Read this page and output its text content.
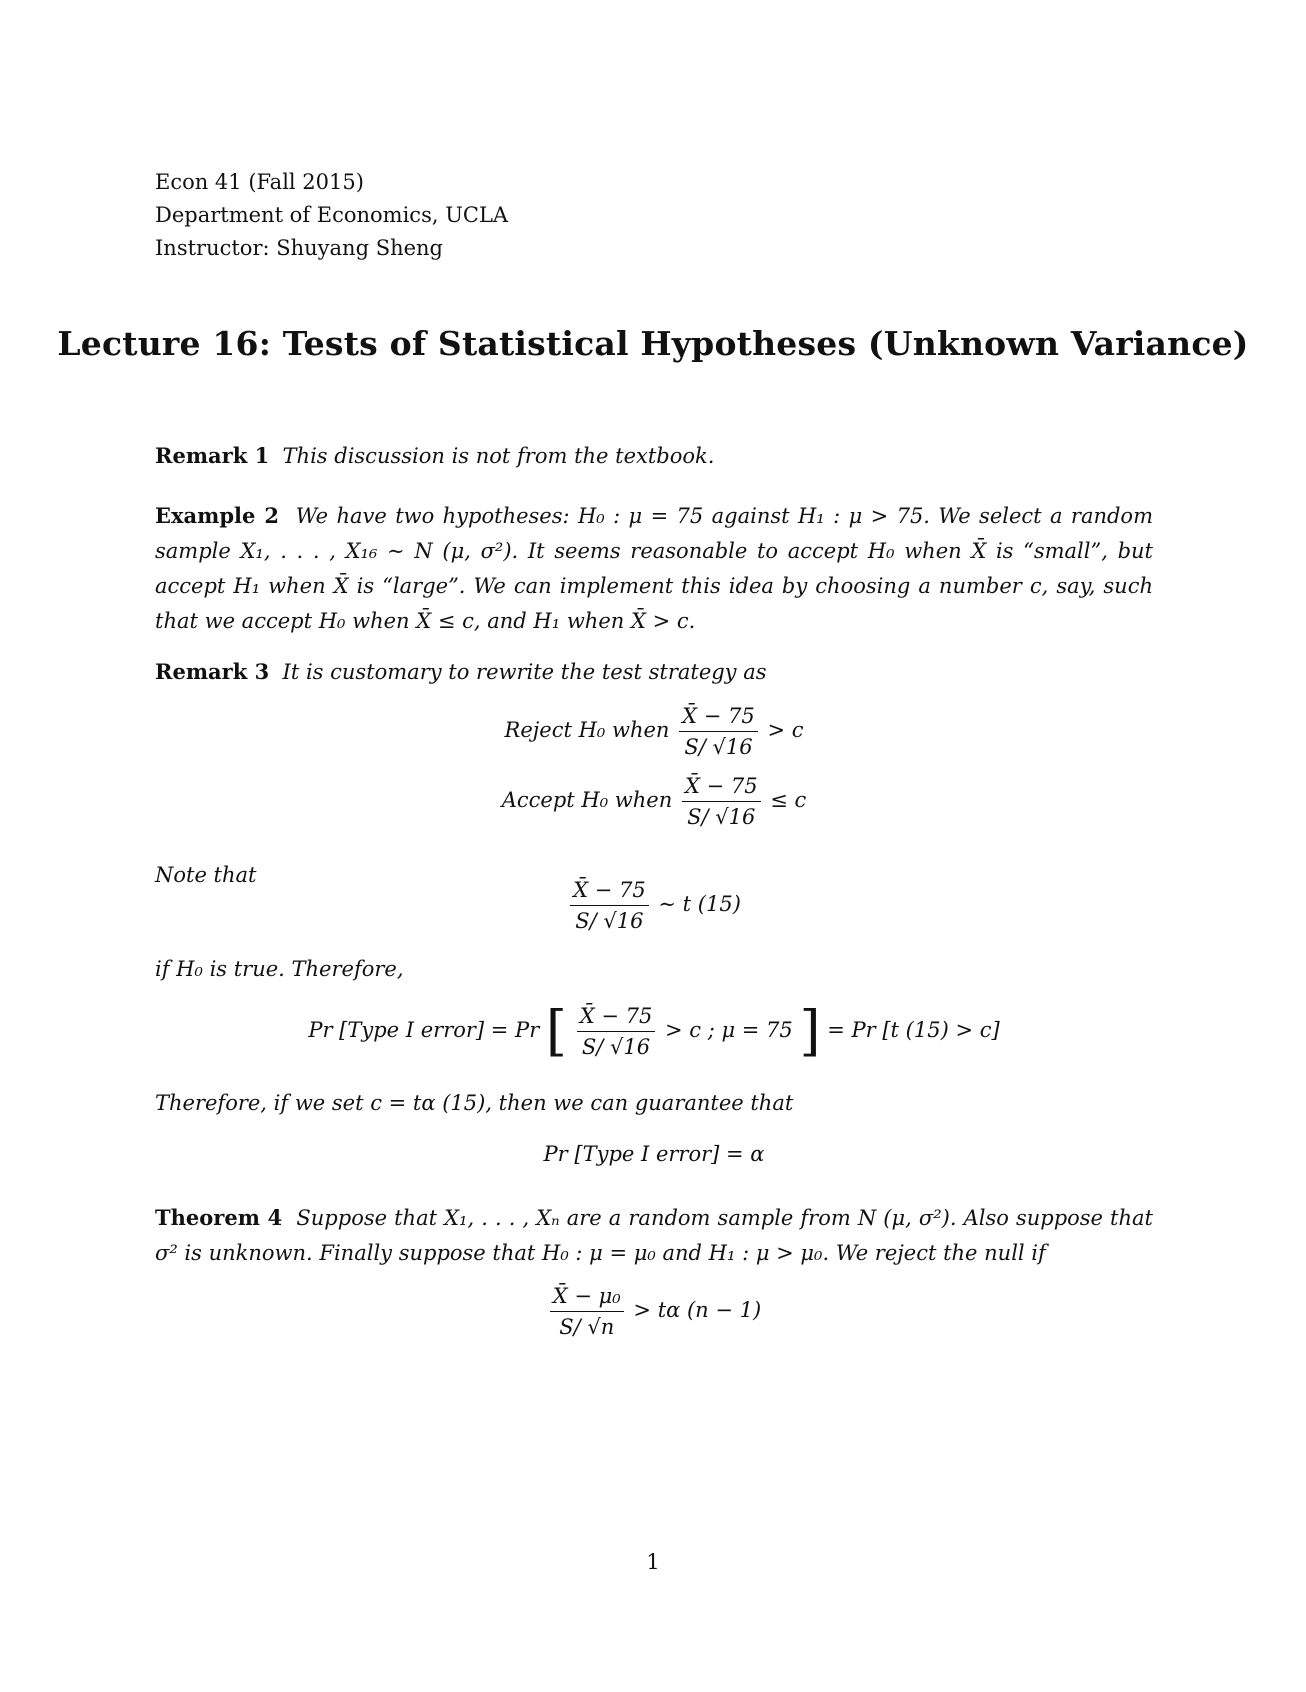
Econ 41 (Fall 2015)
Department of Economics, UCLA
Instructor: Shuyang Sheng
Lecture 16: Tests of Statistical Hypotheses (Unknown Variance)

Remark 1 This discussion is not from the textbook.

Example 2 We have two hypotheses: H₀ : μ = 75 against H₁ : μ > 75. We select a random sample X₁, . . . , X₁₆ ∼ N (μ, σ²). It seems reasonable to accept H₀ when X̄ is “small”, but accept H₁ when X̄ is “large”. We can implement this idea by choosing a number c, say, such that we accept H₀ when X̄ ≤ c, and H₁ when X̄ > c.

Remark 3 It is customary to rewrite the test strategy as

Reject H₀ when $\frac{X̄ - 75}{S/ √16} > c$
Accept H₀ when $\frac{X̄ - 75}{S/ √16} \le c$
Note that
$\frac{X̄ - 75}{S/ √16}$ ∼ t (15)
if H₀ is true. Therefore,
Pr [Type I error] = Pr [ $\frac{X̄ - 75}{S/ √16} > c$ ; μ = 75 ] = Pr [t (15) > c]
Therefore, if we set c = tα (15), then we can guarantee that
Pr [Type I error] = α

Theorem 4 Suppose that X₁, . . . , Xₙ are a random sample from N (μ, σ²). Also suppose that σ² is unknown. Finally suppose that H₀ : μ = μ₀ and H₁ : μ > μ₀. We reject the null if

$\frac{\text{X̄ − μ₀}}{S/ √n} > t\alpha$ (n − 1)
1
